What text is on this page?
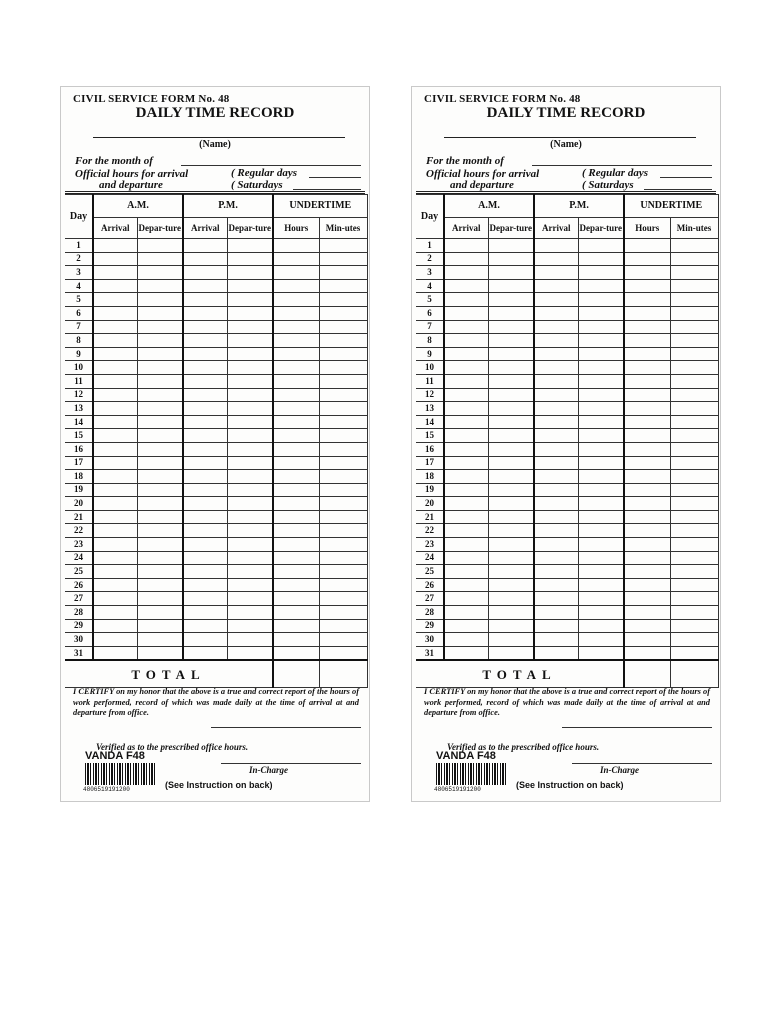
CIVIL SERVICE FORM No. 48
DAILY TIME RECORD
(Name)
For the month of
Official hours for arrival
and departure
( Regular days
( Saturdays
Day	A.M.		P.M.		UNDERTIME	
	Arrival	Depar-ture	Arrival	Depar-ture	Hours	Min-utes
1						
2						
3						
4						
5						
6						
7						
8						
9						
10						
11						
12						
13						
14						
15						
16						
17						
18						
19						
20						
21						
22						
23						
24						
25						
26						
27						
28						
29						
30						
31						
TOTAL						
I CERTIFY on my honor that the above is a true and correct report of the hours of work performed, record of which was made daily at the time of arrival at and departure from office.
Verified as to the prescribed office hours.
VANDA F48
In-Charge
4806519191200	(See Instruction on back)
CIVIL SERVICE FORM No. 48
DAILY TIME RECORD
(Name)
For the month of
Official hours for arrival
and departure
( Regular days
( Saturdays
Day	A.M.		P.M.		UNDERTIME	
	Arrival	Depar-ture	Arrival	Depar-ture	Hours	Min-utes
1						
2						
3						
4						
5						
6						
7						
8						
9						
10						
11						
12						
13						
14						
15						
16						
17						
18						
19						
20						
21						
22						
23						
24						
25						
26						
27						
28						
29						
30						
31						
TOTAL						
I CERTIFY on my honor that the above is a true and correct report of the hours of work performed, record of which was made daily at the time of arrival at and departure from office.
Verified as to the prescribed office hours.
VANDA F48
In-Charge
4806519191200	(See Instruction on back)
